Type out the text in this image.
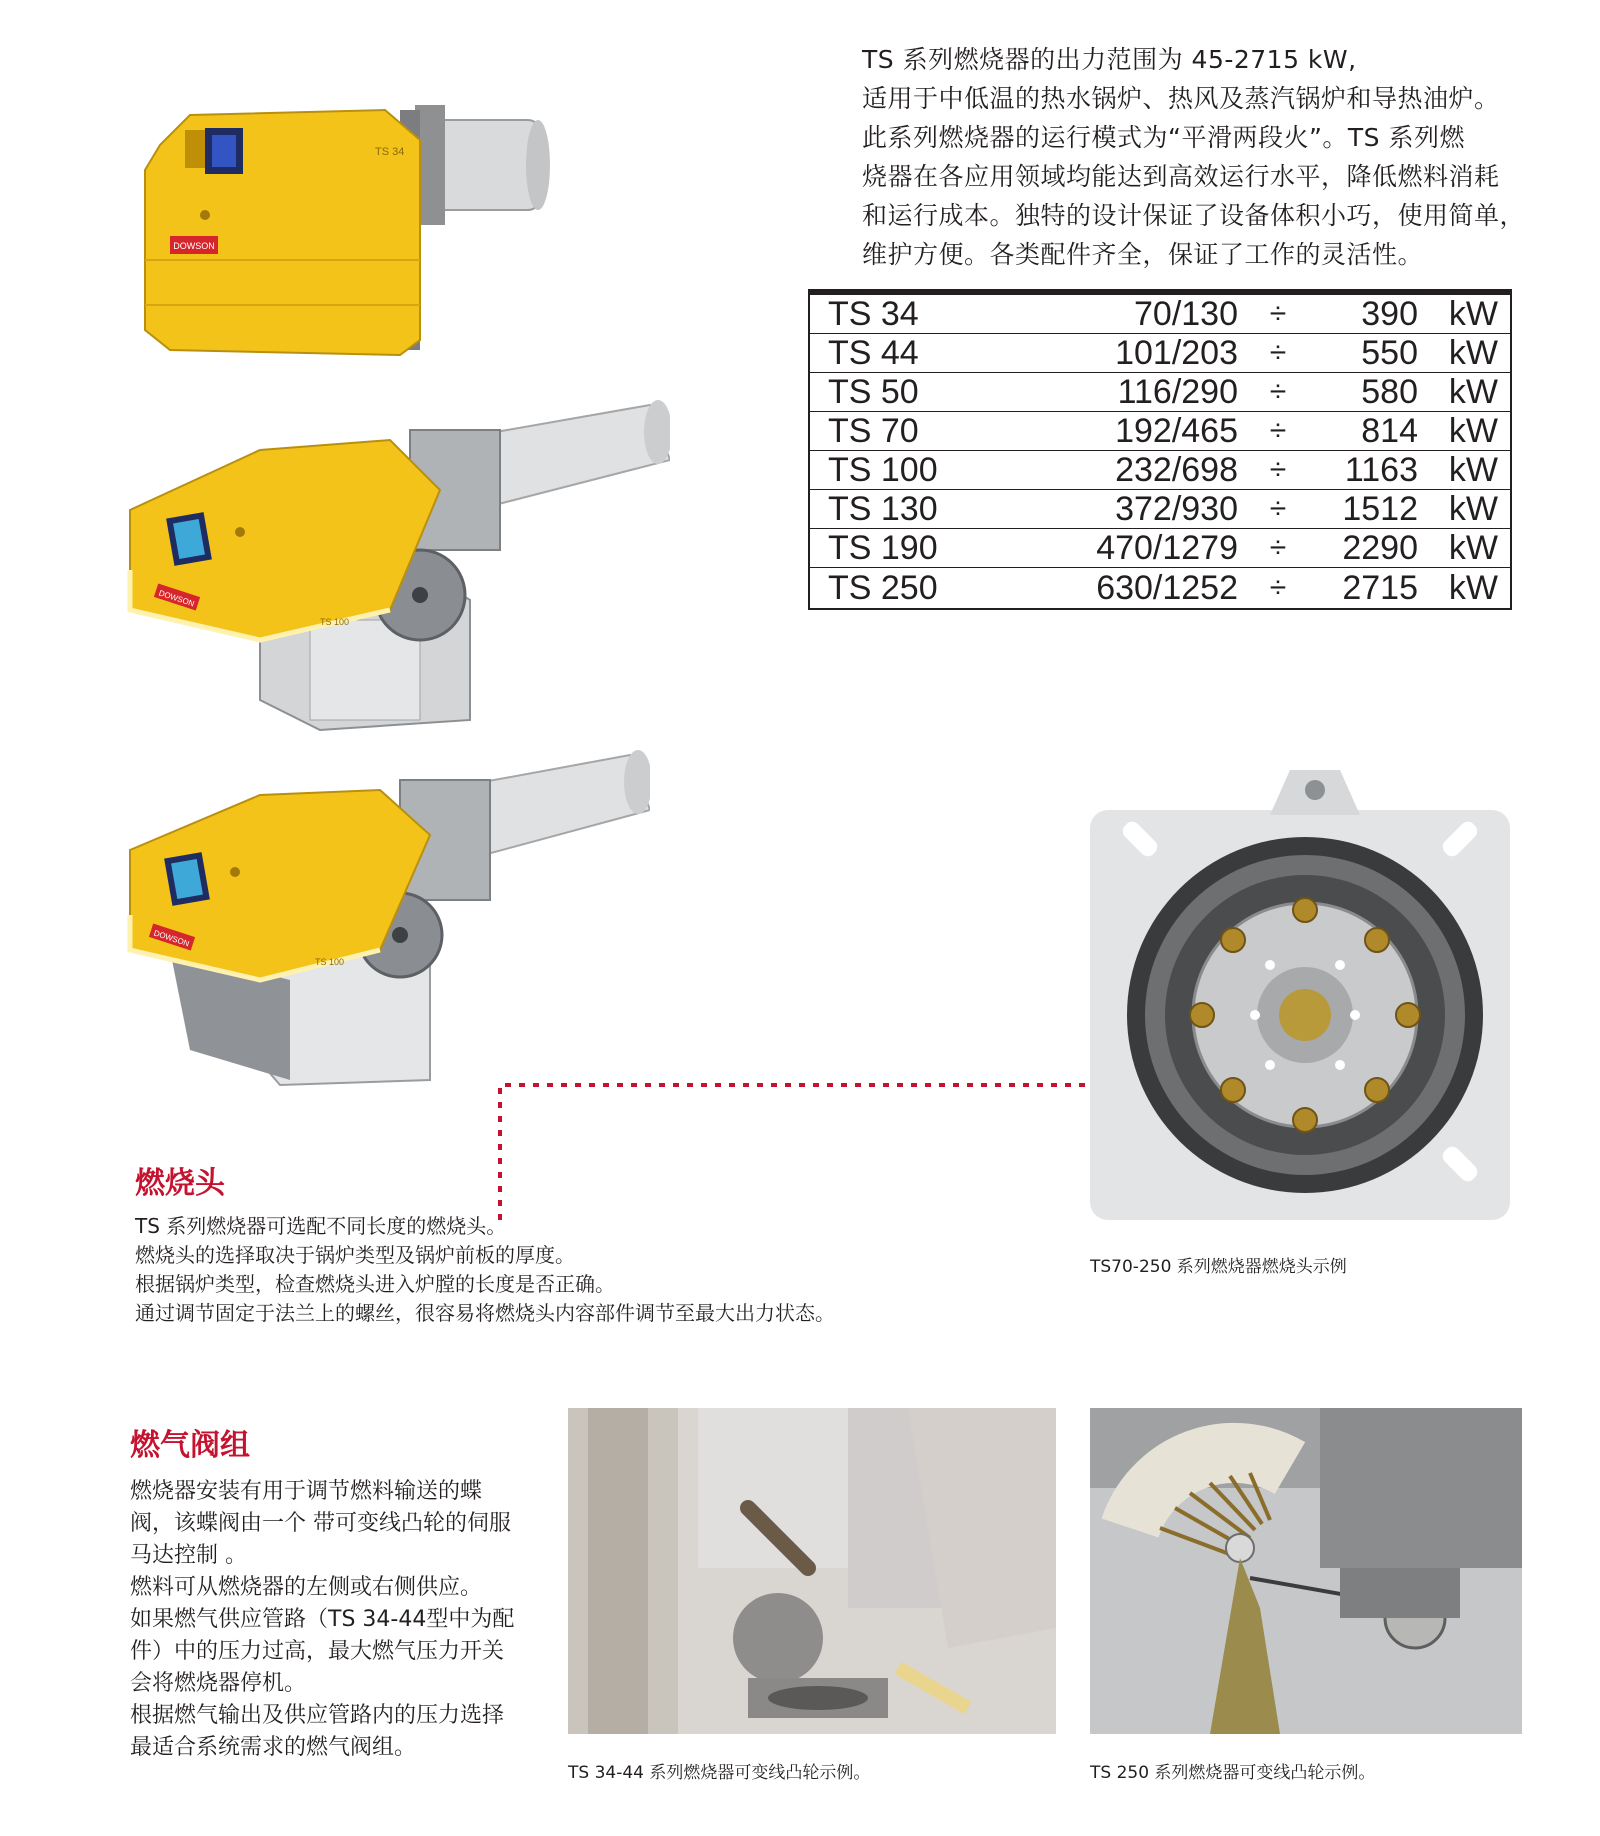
TS 系列燃烧器的出力范围为 45-2715 kW,
适用于中低温的热水锅炉、热风及蒸汽锅炉和导热油炉。
此系列燃烧器的运行模式为“平滑两段火”。TS 系列燃
烧器在各应用领域均能达到高效运行水平，降低燃料消耗
和运行成本。独特的设计保证了设备体积小巧，使用简单，
维护方便。各类配件齐全，保证了工作的灵活性。
TS 34	70/130	÷	390 kW
TS 44	101/203	÷	550 kW
TS 50	116/290	÷	580 kW
TS 70	192/465	÷	814 kW
TS 100	232/698	÷	1163 kW
TS 130	372/930	÷	1512 kW
TS 190	470/1279	÷	2290 kW
TS 250	630/1252	÷	2715 kW
DOWSON
TS 34
DOWSON
TS 100
DOWSON
TS 100
TS70-250 系列燃烧器燃烧头示例
燃烧头
TS 系列燃烧器可选配不同长度的燃烧头。
燃烧头的选择取决于锅炉类型及锅炉前板的厚度。
根据锅炉类型，检查燃烧头进入炉膛的长度是否正确。
通过调节固定于法兰上的螺丝，很容易将燃烧头内容部件调节至最大出力状态。
燃气阀组
燃烧器安装有用于调节燃料输送的蝶
阀，该蝶阀由一个 带可变线凸轮的伺服
马达控制 。
燃料可从燃烧器的左侧或右侧供应。
如果燃气供应管路（TS 34-44型中为配
件）中的压力过高，最大燃气压力开关
会将燃烧器停机。
根据燃气输出及供应管路内的压力选择
最适合系统需求的燃气阀组。
TS 34-44 系列燃烧器可变线凸轮示例。	TS 250 系列燃烧器可变线凸轮示例。
